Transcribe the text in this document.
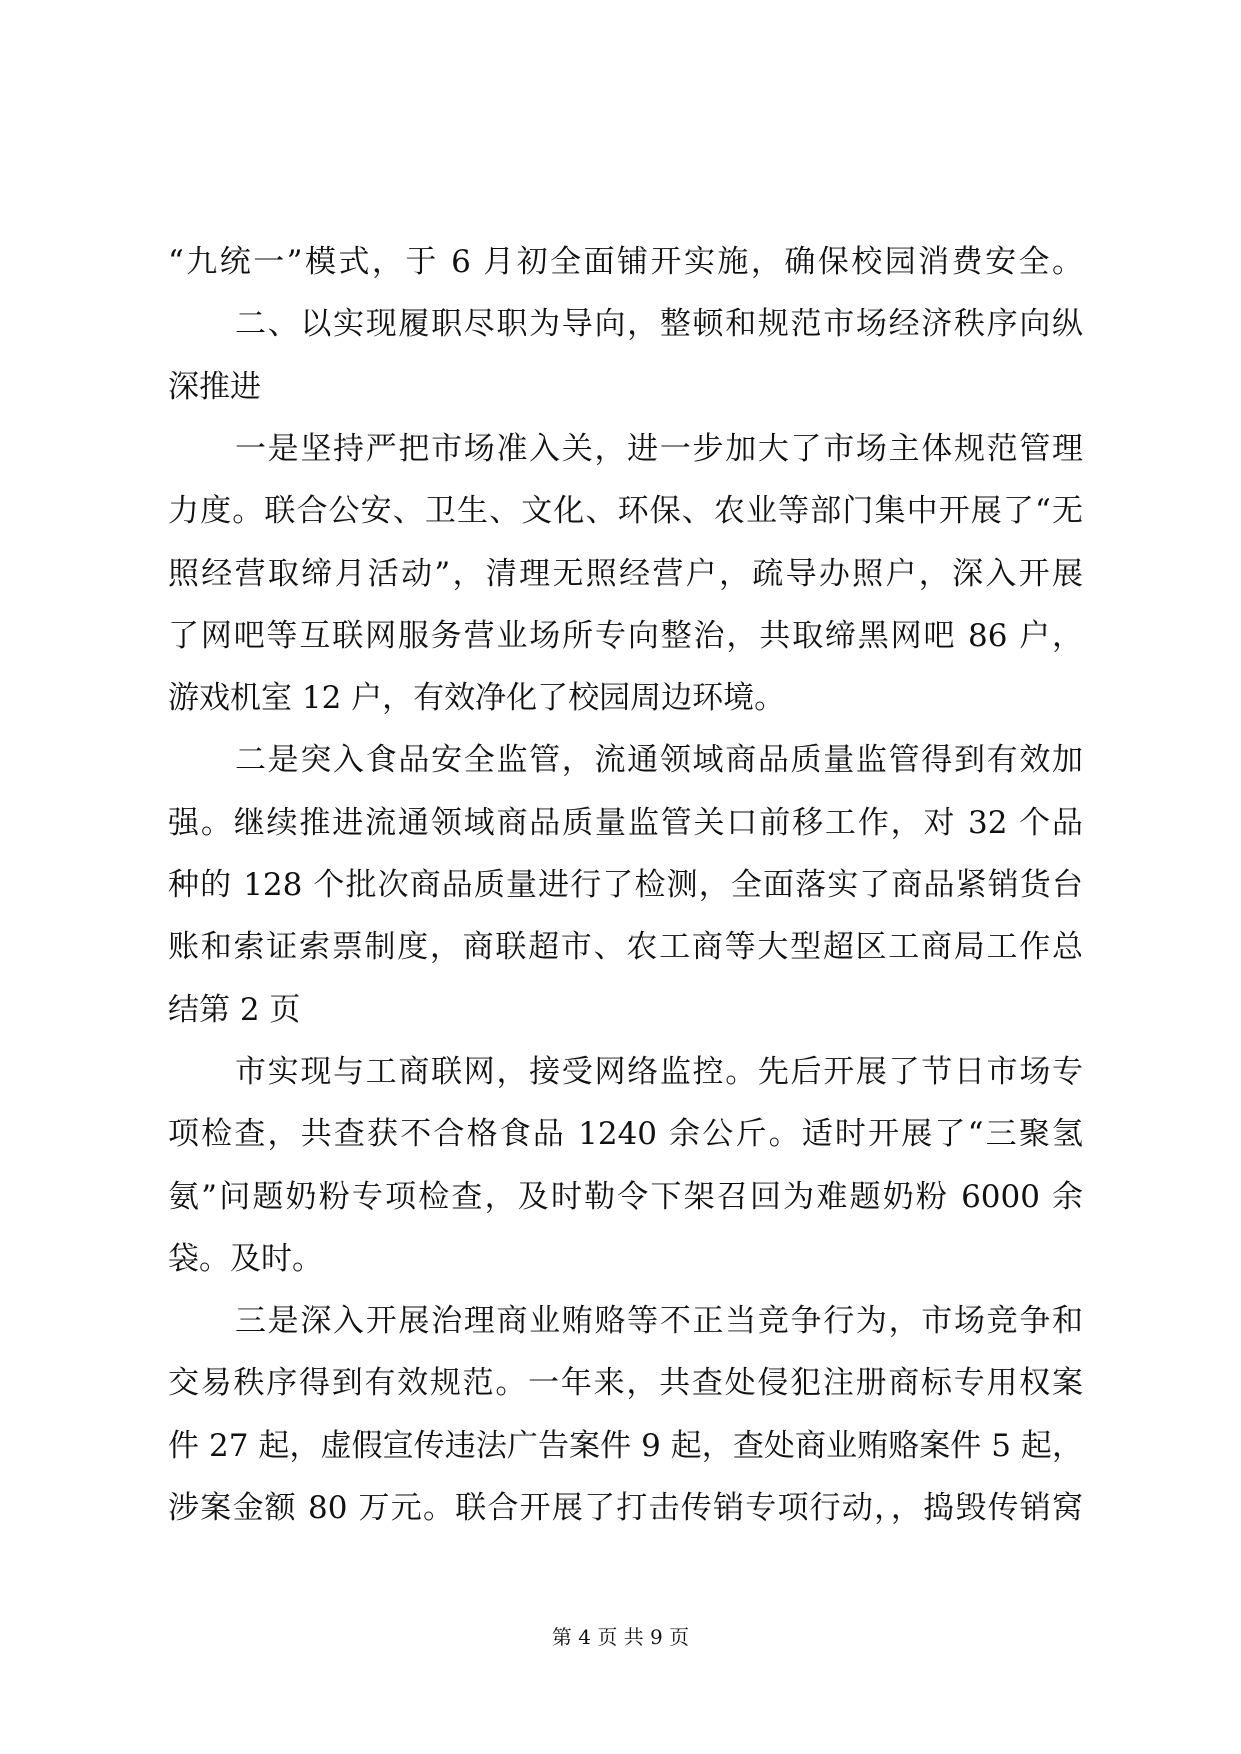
“九统一”模式，于 6 月初全面铺开实施，确保校园消费安全。
二、以实现履职尽职为导向，整顿和规范市场经济秩序向纵
深推进
一是坚持严把市场准入关，进一步加大了市场主体规范管理
力度。联合公安、卫生、文化、环保、农业等部门集中开展了“无
照经营取缔月活动”，清理无照经营户，疏导办照户，深入开展
了网吧等互联网服务营业场所专向整治，共取缔黑网吧 86 户，
游戏机室 12 户，有效净化了校园周边环境。
二是突入食品安全监管，流通领域商品质量监管得到有效加
强。继续推进流通领域商品质量监管关口前移工作，对 32 个品
种的 128 个批次商品质量进行了检测，全面落实了商品紧销货台
账和索证索票制度，商联超市、农工商等大型超区工商局工作总
结第 2 页
市实现与工商联网，接受网络监控。先后开展了节日市场专
项检查，共查获不合格食品 1240 余公斤。适时开展了“三聚氢
氨”问题奶粉专项检查，及时勒令下架召回为难题奶粉 6000 余
袋。及时。
三是深入开展治理商业贿赂等不正当竞争行为，市场竞争和
交易秩序得到有效规范。一年来，共查处侵犯注册商标专用权案
件 27 起，虚假宣传违法广告案件 9 起，查处商业贿赂案件 5 起，
涉案金额 80 万元。联合开展了打击传销专项行动，，捣毁传销窝
第 4 页 共 9 页
